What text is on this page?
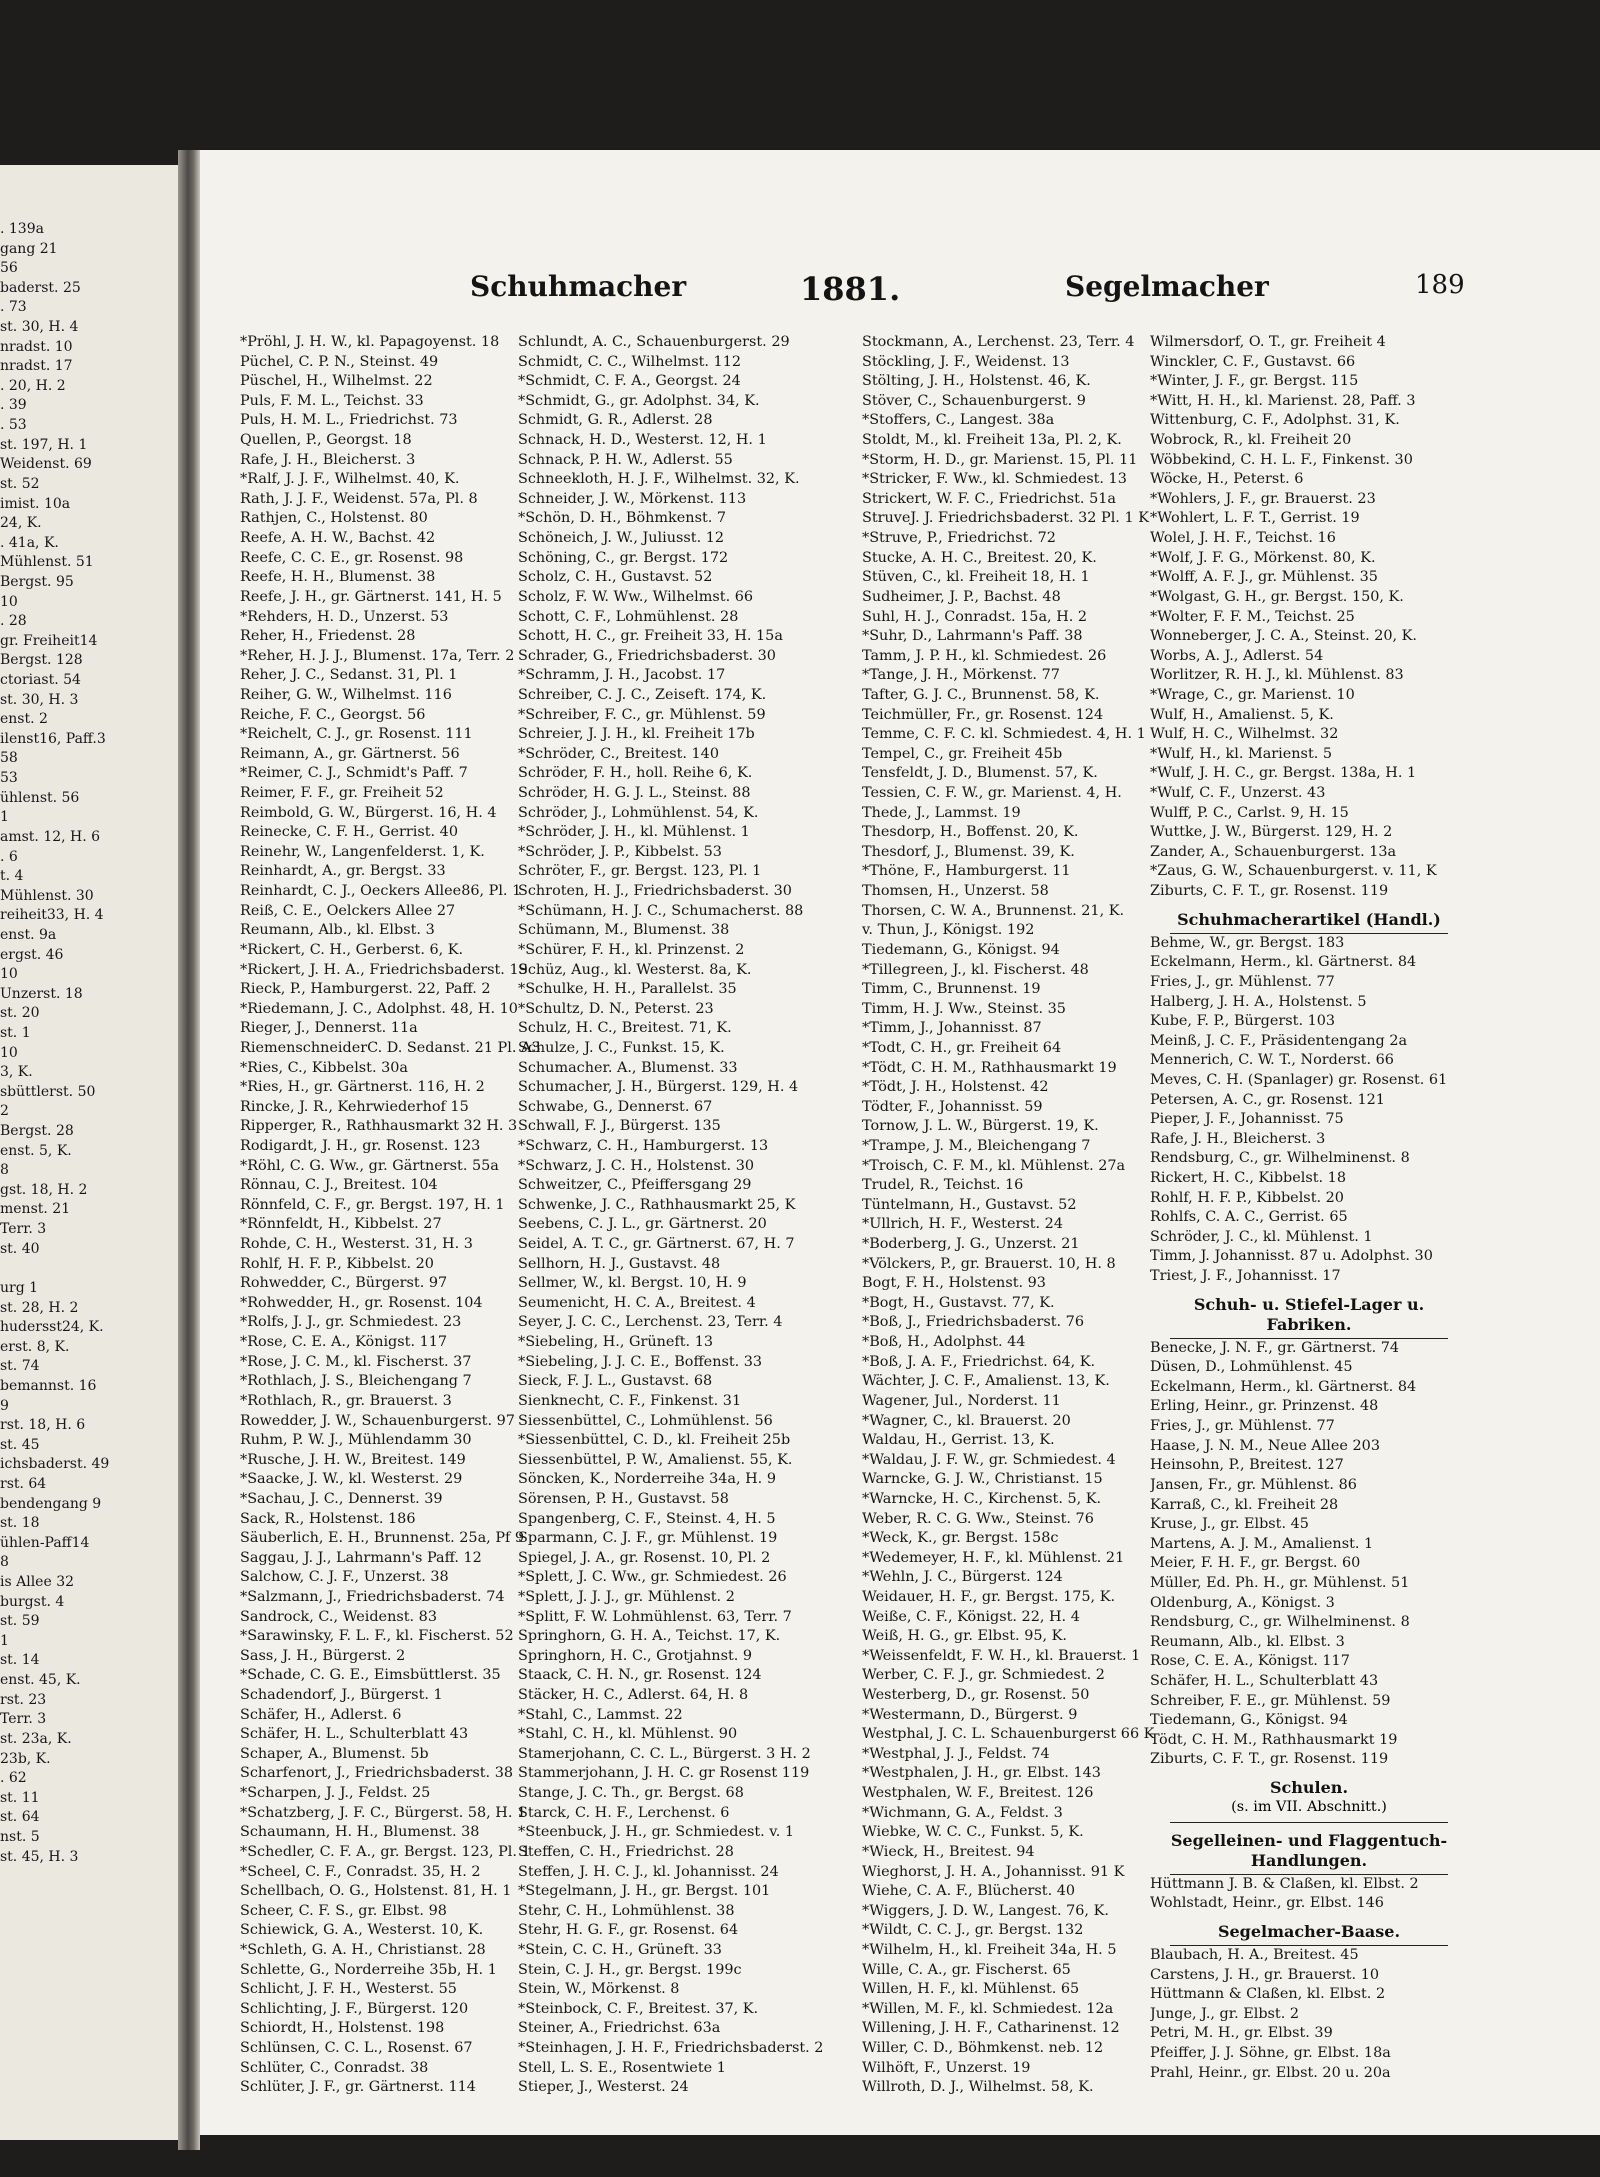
. 139a
gang 21
56
baderst. 25
. 73
st. 30, H. 4
nradst. 10
nradst. 17
. 20, H. 2
. 39
. 53
st. 197, H. 1
Weidenst. 69
st. 52
imist. 10a
24, K.
. 41a, K.
Mühlenst. 51
Bergst. 95
10
. 28
gr. Freiheit14
Bergst. 128
ctoriast. 54
st. 30, H. 3
enst. 2
ilenst16, Paff.3
58
53
ühlenst. 56
1
amst. 12, H. 6
. 6
t. 4
Mühlenst. 30
reiheit33, H. 4
enst. 9a
ergst. 46
10
Unzerst. 18
st. 20
st. 1
10
3, K.
sbüttlerst. 50
2
Bergst. 28
enst. 5, K.
8
gst. 18, H. 2
menst. 21
Terr. 3
st. 40
urg 1
st. 28, H. 2
hudersst24, K.
erst. 8, K.
st. 74
bemannst. 16
9
rst. 18, H. 6
st. 45
ichsbaderst. 49
rst. 64
bendengang 9
st. 18
ühlen-Paff14
8
is Allee 32
burgst. 4
st. 59
1
st. 14
enst. 45, K.
rst. 23
Terr. 3
st. 23a, K.
23b, K.
. 62
st. 11
st. 64
nst. 5
st. 45, H. 3
Schuhmacher	1881.	Segelmacher	189
*Pröhl, J. H. W., kl. Papagoyenst. 18
Püchel, C. P. N., Steinst. 49
Püschel, H., Wilhelmst. 22
Puls, F. M. L., Teichst. 33
Puls, H. M. L., Friedrichst. 73
Quellen, P., Georgst. 18
Rafe, J. H., Bleicherst. 3
*Ralf, J. J. F., Wilhelmst. 40, K.
Rath, J. J. F., Weidenst. 57a, Pl. 8
Rathjen, C., Holstenst. 80
Reefe, A. H. W., Bachst. 42
Reefe, C. C. E., gr. Rosenst. 98
Reefe, H. H., Blumenst. 38
Reefe, J. H., gr. Gärtnerst. 141, H. 5
*Rehders, H. D., Unzerst. 53
Reher, H., Friedenst. 28
*Reher, H. J. J., Blumenst. 17a, Terr. 2
Reher, J. C., Sedanst. 31, Pl. 1
Reiher, G. W., Wilhelmst. 116
Reiche, F. C., Georgst. 56
*Reichelt, C. J., gr. Rosenst. 111
Reimann, A., gr. Gärtnerst. 56
*Reimer, C. J., Schmidt's Paff. 7
Reimer, F. F., gr. Freiheit 52
Reimbold, G. W., Bürgerst. 16, H. 4
Reinecke, C. F. H., Gerrist. 40
Reinehr, W., Langenfelderst. 1, K.
Reinhardt, A., gr. Bergst. 33
Reinhardt, C. J., Oeckers Allee86, Pl. 1
Reiß, C. E., Oelckers Allee 27
Reumann, Alb., kl. Elbst. 3
*Rickert, C. H., Gerberst. 6, K.
*Rickert, J. H. A., Friedrichsbaderst. 19
Rieck, P., Hamburgerst. 22, Paff. 2
*Riedemann, J. C., Adolphst. 48, H. 10
Rieger, J., Dennerst. 11a
RiemenschneiderC. D. Sedanst. 21 Pl. A3
*Ries, C., Kibbelst. 30a
*Ries, H., gr. Gärtnerst. 116, H. 2
Rincke, J. R., Kehrwiederhof 15
Ripperger, R., Rathhausmarkt 32 H. 3
Rodigardt, J. H., gr. Rosenst. 123
*Röhl, C. G. Ww., gr. Gärtnerst. 55a
Rönnau, C. J., Breitest. 104
Rönnfeld, C. F., gr. Bergst. 197, H. 1
*Rönnfeldt, H., Kibbelst. 27
Rohde, C. H., Westerst. 31, H. 3
Rohlf, H. F. P., Kibbelst. 20
Rohwedder, C., Bürgerst. 97
*Rohwedder, H., gr. Rosenst. 104
*Rolfs, J. J., gr. Schmiedest. 23
*Rose, C. E. A., Königst. 117
*Rose, J. C. M., kl. Fischerst. 37
*Rothlach, J. S., Bleichengang 7
*Rothlach, R., gr. Brauerst. 3
Rowedder, J. W., Schauenburgerst. 97
Ruhm, P. W. J., Mühlendamm 30
*Rusche, J. H. W., Breitest. 149
*Saacke, J. W., kl. Westerst. 29
*Sachau, J. C., Dennerst. 39
Sack, R., Holstenst. 186
Säuberlich, E. H., Brunnenst. 25a, Pf 9
Saggau, J. J., Lahrmann's Paff. 12
Salchow, C. J. F., Unzerst. 38
*Salzmann, J., Friedrichsbaderst. 74
Sandrock, C., Weidenst. 83
*Sarawinsky, F. L. F., kl. Fischerst. 52
Sass, J. H., Bürgerst. 2
*Schade, C. G. E., Eimsbüttlerst. 35
Schadendorf, J., Bürgerst. 1
Schäfer, H., Adlerst. 6
Schäfer, H. L., Schulterblatt 43
Schaper, A., Blumenst. 5b
Scharfenort, J., Friedrichsbaderst. 38
*Scharpen, J. J., Feldst. 25
*Schatzberg, J. F. C., Bürgerst. 58, H. 1
Schaumann, H. H., Blumenst. 38
*Schedler, C. F. A., gr. Bergst. 123, Pl. 1
*Scheel, C. F., Conradst. 35, H. 2
Schellbach, O. G., Holstenst. 81, H. 1
Scheer, C. F. S., gr. Elbst. 98
Schiewick, G. A., Westerst. 10, K.
*Schleth, G. A. H., Christianst. 28
Schlette, G., Norderreihe 35b, H. 1
Schlicht, J. F. H., Westerst. 55
Schlichting, J. F., Bürgerst. 120
Schiordt, H., Holstenst. 198
Schlünsen, C. C. L., Rosenst. 67
Schlüter, C., Conradst. 38
Schlüter, J. F., gr. Gärtnerst. 114
Schlundt, A. C., Schauenburgerst. 29
Schmidt, C. C., Wilhelmst. 112
*Schmidt, C. F. A., Georgst. 24
*Schmidt, G., gr. Adolphst. 34, K.
Schmidt, G. R., Adlerst. 28
Schnack, H. D., Westerst. 12, H. 1
Schnack, P. H. W., Adlerst. 55
Schneekloth, H. J. F., Wilhelmst. 32, K.
Schneider, J. W., Mörkenst. 113
*Schön, D. H., Böhmkenst. 7
Schöneich, J. W., Juliusst. 12
Schöning, C., gr. Bergst. 172
Scholz, C. H., Gustavst. 52
Scholz, F. W. Ww., Wilhelmst. 66
Schott, C. F., Lohmühlenst. 28
Schott, H. C., gr. Freiheit 33, H. 15a
Schrader, G., Friedrichsbaderst. 30
*Schramm, J. H., Jacobst. 17
Schreiber, C. J. C., Zeiseft. 174, K.
*Schreiber, F. C., gr. Mühlenst. 59
Schreier, J. J. H., kl. Freiheit 17b
*Schröder, C., Breitest. 140
Schröder, F. H., holl. Reihe 6, K.
Schröder, H. G. J. L., Steinst. 88
Schröder, J., Lohmühlenst. 54, K.
*Schröder, J. H., kl. Mühlenst. 1
*Schröder, J. P., Kibbelst. 53
Schröter, F., gr. Bergst. 123, Pl. 1
Schroten, H. J., Friedrichsbaderst. 30
*Schümann, H. J. C., Schumacherst. 88
Schümann, M., Blumenst. 38
*Schürer, F. H., kl. Prinzenst. 2
Schüz, Aug., kl. Westerst. 8a, K.
*Schulke, H. H., Parallelst. 35
*Schultz, D. N., Peterst. 23
Schulz, H. C., Breitest. 71, K.
Schulze, J. C., Funkst. 15, K.
Schumacher. A., Blumenst. 33
Schumacher, J. H., Bürgerst. 129, H. 4
Schwabe, G., Dennerst. 67
Schwall, F. J., Bürgerst. 135
*Schwarz, C. H., Hamburgerst. 13
*Schwarz, J. C. H., Holstenst. 30
Schweitzer, C., Pfeiffersgang 29
Schwenke, J. C., Rathhausmarkt 25, K
Seebens, C. J. L., gr. Gärtnerst. 20
Seidel, A. T. C., gr. Gärtnerst. 67, H. 7
Sellhorn, H. J., Gustavst. 48
Sellmer, W., kl. Bergst. 10, H. 9
Seumenicht, H. C. A., Breitest. 4
Seyer, J. C. C., Lerchenst. 23, Terr. 4
*Siebeling, H., Grüneft. 13
*Siebeling, J. J. C. E., Boffenst. 33
Sieck, F. J. L., Gustavst. 68
Sienknecht, C. F., Finkenst. 31
Siessenbüttel, C., Lohmühlenst. 56
*Siessenbüttel, C. D., kl. Freiheit 25b
Siessenbüttel, P. W., Amalienst. 55, K.
Söncken, K., Norderreihe 34a, H. 9
Sörensen, P. H., Gustavst. 58
Spangenberg, C. F., Steinst. 4, H. 5
Sparmann, C. J. F., gr. Mühlenst. 19
Spiegel, J. A., gr. Rosenst. 10, Pl. 2
*Splett, J. C. Ww., gr. Schmiedest. 26
*Splett, J. J. J., gr. Mühlenst. 2
*Splitt, F. W. Lohmühlenst. 63, Terr. 7
Springhorn, G. H. A., Teichst. 17, K.
Springhorn, H. C., Grotjahnst. 9
Staack, C. H. N., gr. Rosenst. 124
Stäcker, H. C., Adlerst. 64, H. 8
*Stahl, C., Lammst. 22
*Stahl, C. H., kl. Mühlenst. 90
Stamerjohann, C. C. L., Bürgerst. 3 H. 2
Stammerjohann, J. H. C. gr Rosenst 119
Stange, J. C. Th., gr. Bergst. 68
Starck, C. H. F., Lerchenst. 6
*Steenbuck, J. H., gr. Schmiedest. v. 1
Steffen, C. H., Friedrichst. 28
Steffen, J. H. C. J., kl. Johannisst. 24
*Stegelmann, J. H., gr. Bergst. 101
Stehr, C. H., Lohmühlenst. 38
Stehr, H. G. F., gr. Rosenst. 64
*Stein, C. C. H., Grüneft. 33
Stein, C. J. H., gr. Bergst. 199c
Stein, W., Mörkenst. 8
*Steinbock, C. F., Breitest. 37, K.
Steiner, A., Friedrichst. 63a
*Steinhagen, J. H. F., Friedrichsbaderst. 2
Stell, L. S. E., Rosentwiete 1
Stieper, J., Westerst. 24
Stockmann, A., Lerchenst. 23, Terr. 4
Stöckling, J. F., Weidenst. 13
Stölting, J. H., Holstenst. 46, K.
Stöver, C., Schauenburgerst. 9
*Stoffers, C., Langest. 38a
Stoldt, M., kl. Freiheit 13a, Pl. 2, K.
*Storm, H. D., gr. Marienst. 15, Pl. 11
*Stricker, F. Ww., kl. Schmiedest. 13
Strickert, W. F. C., Friedrichst. 51a
StruveJ. J. Friedrichsbaderst. 32 Pl. 1 K
*Struve, P., Friedrichst. 72
Stucke, A. H. C., Breitest. 20, K.
Stüven, C., kl. Freiheit 18, H. 1
Sudheimer, J. P., Bachst. 48
Suhl, H. J., Conradst. 15a, H. 2
*Suhr, D., Lahrmann's Paff. 38
Tamm, J. P. H., kl. Schmiedest. 26
*Tange, J. H., Mörkenst. 77
Tafter, G. J. C., Brunnenst. 58, K.
Teichmüller, Fr., gr. Rosenst. 124
Temme, C. F. C. kl. Schmiedest. 4, H. 1
Tempel, C., gr. Freiheit 45b
Tensfeldt, J. D., Blumenst. 57, K.
Tessien, C. F. W., gr. Marienst. 4, H.
Thede, J., Lammst. 19
Thesdorp, H., Boffenst. 20, K.
Thesdorf, J., Blumenst. 39, K.
*Thöne, F., Hamburgerst. 11
Thomsen, H., Unzerst. 58
Thorsen, C. W. A., Brunnenst. 21, K.
v. Thun, J., Königst. 192
Tiedemann, G., Königst. 94
*Tillegreen, J., kl. Fischerst. 48
Timm, C., Brunnenst. 19
Timm, H. J. Ww., Steinst. 35
*Timm, J., Johannisst. 87
*Todt, C. H., gr. Freiheit 64
*Tödt, C. H. M., Rathhausmarkt 19
*Tödt, J. H., Holstenst. 42
Tödter, F., Johannisst. 59
Tornow, J. L. W., Bürgerst. 19, K.
*Trampe, J. M., Bleichengang 7
*Troisch, C. F. M., kl. Mühlenst. 27a
Trudel, R., Teichst. 16
Tüntelmann, H., Gustavst. 52
*Ullrich, H. F., Westerst. 24
*Boderberg, J. G., Unzerst. 21
*Völckers, P., gr. Brauerst. 10, H. 8
Bogt, F. H., Holstenst. 93
*Bogt, H., Gustavst. 77, K.
*Boß, J., Friedrichsbaderst. 76
*Boß, H., Adolphst. 44
*Boß, J. A. F., Friedrichst. 64, K.
Wächter, J. C. F., Amalienst. 13, K.
Wagener, Jul., Norderst. 11
*Wagner, C., kl. Brauerst. 20
Waldau, H., Gerrist. 13, K.
*Waldau, J. F. W., gr. Schmiedest. 4
Warncke, G. J. W., Christianst. 15
*Warncke, H. C., Kirchenst. 5, K.
Weber, R. C. G. Ww., Steinst. 76
*Weck, K., gr. Bergst. 158c
*Wedemeyer, H. F., kl. Mühlenst. 21
*Wehln, J. C., Bürgerst. 124
Weidauer, H. F., gr. Bergst. 175, K.
Weiße, C. F., Königst. 22, H. 4
Weiß, H. G., gr. Elbst. 95, K.
*Weissenfeldt, F. W. H., kl. Brauerst. 1
Werber, C. F. J., gr. Schmiedest. 2
Westerberg, D., gr. Rosenst. 50
*Westermann, D., Bürgerst. 9
Westphal, J. C. L. Schauenburgerst 66 K
*Westphal, J. J., Feldst. 74
*Westphalen, J. H., gr. Elbst. 143
Westphalen, W. F., Breitest. 126
*Wichmann, G. A., Feldst. 3
Wiebke, W. C. C., Funkst. 5, K.
*Wieck, H., Breitest. 94
Wieghorst, J. H. A., Johannisst. 91 K
Wiehe, C. A. F., Blücherst. 40
*Wiggers, J. D. W., Langest. 76, K.
*Wildt, C. C. J., gr. Bergst. 132
*Wilhelm, H., kl. Freiheit 34a, H. 5
Wille, C. A., gr. Fischerst. 65
Willen, H. F., kl. Mühlenst. 65
*Willen, M. F., kl. Schmiedest. 12a
Willening, J. H. F., Catharinenst. 12
Willer, C. D., Böhmkenst. neb. 12
Wilhöft, F., Unzerst. 19
Willroth, D. J., Wilhelmst. 58, K.
Wilmersdorf, O. T., gr. Freiheit 4
Winckler, C. F., Gustavst. 66
*Winter, J. F., gr. Bergst. 115
*Witt, H. H., kl. Marienst. 28, Paff. 3
Wittenburg, C. F., Adolphst. 31, K.
Wobrock, R., kl. Freiheit 20
Wöbbekind, C. H. L. F., Finkenst. 30
Wöcke, H., Peterst. 6
*Wohlers, J. F., gr. Brauerst. 23
*Wohlert, L. F. T., Gerrist. 19
Wolel, J. H. F., Teichst. 16
*Wolf, J. F. G., Mörkenst. 80, K.
*Wolff, A. F. J., gr. Mühlenst. 35
*Wolgast, G. H., gr. Bergst. 150, K.
*Wolter, F. F. M., Teichst. 25
Wonneberger, J. C. A., Steinst. 20, K.
Worbs, A. J., Adlerst. 54
Worlitzer, R. H. J., kl. Mühlenst. 83
*Wrage, C., gr. Marienst. 10
Wulf, H., Amalienst. 5, K.
Wulf, H. C., Wilhelmst. 32
*Wulf, H., kl. Marienst. 5
*Wulf, J. H. C., gr. Bergst. 138a, H. 1
*Wulf, C. F., Unzerst. 43
Wulff, P. C., Carlst. 9, H. 15
Wuttke, J. W., Bürgerst. 129, H. 2
Zander, A., Schauenburgerst. 13a
*Zaus, G. W., Schauenburgerst. v. 11, K
Ziburts, C. F. T., gr. Rosenst. 119
Schuhmacherartikel (Handl.)
Behme, W., gr. Bergst. 183
Eckelmann, Herm., kl. Gärtnerst. 84
Fries, J., gr. Mühlenst. 77
Halberg, J. H. A., Holstenst. 5
Kube, F. P., Bürgerst. 103
Meinß, J. C. F., Präsidentengang 2a
Mennerich, C. W. T., Norderst. 66
Meves, C. H. (Spanlager) gr. Rosenst. 61
Petersen, A. C., gr. Rosenst. 121
Pieper, J. F., Johannisst. 75
Rafe, J. H., Bleicherst. 3
Rendsburg, C., gr. Wilhelminenst. 8
Rickert, H. C., Kibbelst. 18
Rohlf, H. F. P., Kibbelst. 20
Rohlfs, C. A. C., Gerrist. 65
Schröder, J. C., kl. Mühlenst. 1
Timm, J. Johannisst. 87 u. Adolphst. 30
Triest, J. F., Johannisst. 17
Schuh- u. Stiefel-Lager u. Fabriken.
Benecke, J. N. F., gr. Gärtnerst. 74
Düsen, D., Lohmühlenst. 45
Eckelmann, Herm., kl. Gärtnerst. 84
Erling, Heinr., gr. Prinzenst. 48
Fries, J., gr. Mühlenst. 77
Haase, J. N. M., Neue Allee 203
Heinsohn, P., Breitest. 127
Jansen, Fr., gr. Mühlenst. 86
Karraß, C., kl. Freiheit 28
Kruse, J., gr. Elbst. 45
Martens, A. J. M., Amalienst. 1
Meier, F. H. F., gr. Bergst. 60
Müller, Ed. Ph. H., gr. Mühlenst. 51
Oldenburg, A., Königst. 3
Rendsburg, C., gr. Wilhelminenst. 8
Reumann, Alb., kl. Elbst. 3
Rose, C. E. A., Königst. 117
Schäfer, H. L., Schulterblatt 43
Schreiber, F. E., gr. Mühlenst. 59
Tiedemann, G., Königst. 94
Tödt, C. H. M., Rathhausmarkt 19
Ziburts, C. F. T., gr. Rosenst. 119
Schulen.
(s. im VII. Abschnitt.)
Segelleinen- und Flaggentuch-Handlungen.
Hüttmann J. B. & Claßen, kl. Elbst. 2
Wohlstadt, Heinr., gr. Elbst. 146
Segelmacher-Baase.
Blaubach, H. A., Breitest. 45
Carstens, J. H., gr. Brauerst. 10
Hüttmann & Claßen, kl. Elbst. 2
Junge, J., gr. Elbst. 2
Petri, M. H., gr. Elbst. 39
Pfeiffer, J. J. Söhne, gr. Elbst. 18a
Prahl, Heinr., gr. Elbst. 20 u. 20a
